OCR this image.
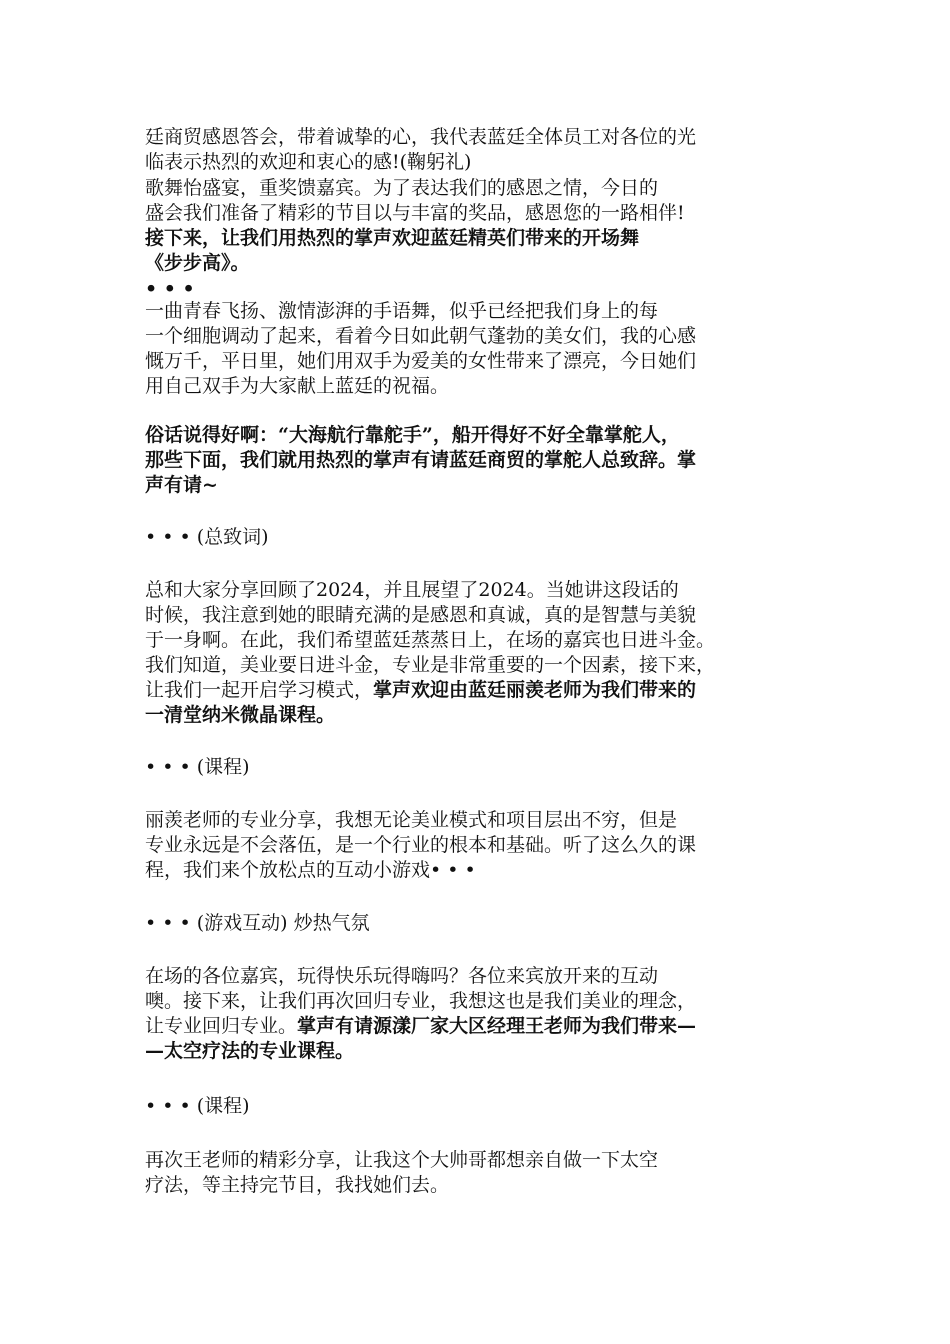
廷商贸感恩答会，带着诚挚的心，我代表蓝廷全体员工对各位的光
临表示热烈的欢迎和衷心的感!(鞠躬礼)
歌舞怡盛宴，重奖馈嘉宾。为了表达我们的感恩之情，今日的
盛会我们准备了精彩的节目以与丰富的奖品，感恩您的一路相伴!
接下来，让我们用热烈的掌声欢迎蓝廷精英们带来的开场舞
《步步高》。
• • •
一曲青春飞扬、激情澎湃的手语舞，似乎已经把我们身上的每
一个细胞调动了起来，看着今日如此朝气蓬勃的美女们，我的心感
慨万千，平日里，她们用双手为爱美的女性带来了漂亮，今日她们
用自己双手为大家献上蓝廷的祝福。
俗话说得好啊：“大海航行靠舵手”，船开得好不好全靠掌舵人，
那些下面，我们就用热烈的掌声有请蓝廷商贸的掌舵人总致辞。掌
声有请~
• • • (总致词)
总和大家分享回顾了2024，并且展望了2024。当她讲这段话的
时候，我注意到她的眼睛充满的是感恩和真诚，真的是智慧与美貌
于一身啊。在此，我们希望蓝廷蒸蒸日上，在场的嘉宾也日进斗金。
我们知道，美业要日进斗金，专业是非常重要的一个因素，接下来，
让我们一起开启学习模式，掌声欢迎由蓝廷丽羡老师为我们带来的
一清堂纳米微晶课程。
• • • (课程)
丽羡老师的专业分享，我想无论美业模式和项目层出不穷，但是
专业永远是不会落伍，是一个行业的根本和基础。听了这么久的课
程，我们来个放松点的互动小游戏• • •
• • • (游戏互动) 炒热气氛
在场的各位嘉宾，玩得快乐玩得嗨吗？各位来宾放开来的互动
噢。接下来，让我们再次回归专业，我想这也是我们美业的理念，
让专业回归专业。掌声有请源漾厂家大区经理王老师为我们带来—
—太空疗法的专业课程。
• • • (课程)
再次王老师的精彩分享，让我这个大帅哥都想亲自做一下太空
疗法，等主持完节目，我找她们去。
